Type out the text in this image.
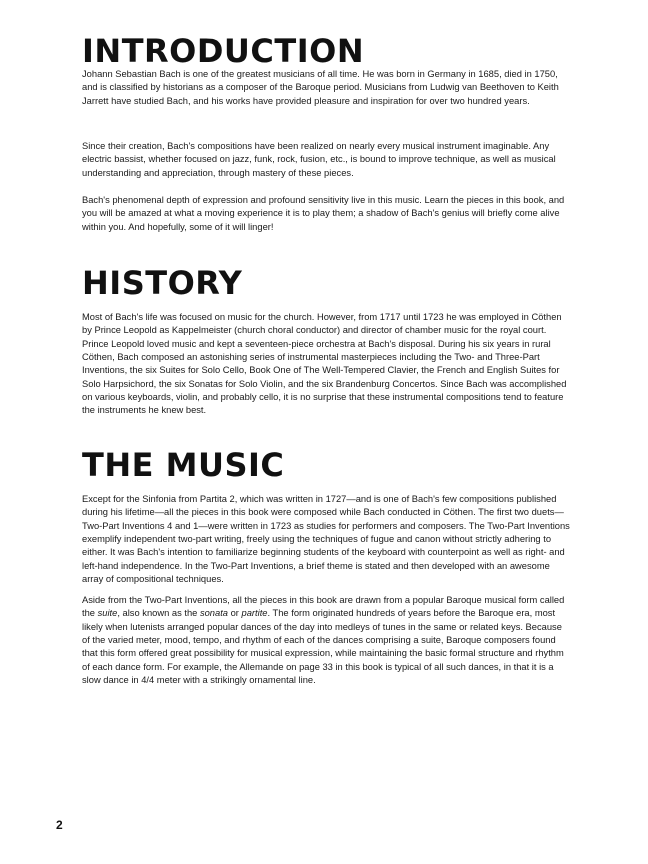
INTRODUCTION

Johann Sebastian Bach is one of the greatest musicians of all time. He was born in Germany in 1685, died in 1750, and is classified by historians as a composer of the Baroque period. Musicians from Ludwig van Beethoven to Keith Jarrett have studied Bach, and his works have provided pleasure and inspiration for over two hundred years.

Since their creation, Bach's compositions have been realized on nearly every musical instrument imaginable. Any electric bassist, whether focused on jazz, funk, rock, fusion, etc., is bound to improve technique, as well as musical understanding and appreciation, through mastery of these pieces.

Bach's phenomenal depth of expression and profound sensitivity live in this music. Learn the pieces in this book, and you will be amazed at what a moving experience it is to play them; a shadow of Bach's genius will briefly come alive within you. And hopefully, some of it will linger!

HISTORY

Most of Bach's life was focused on music for the church. However, from 1717 until 1723 he was employed in Cöthen by Prince Leopold as Kappelmeister (church choral conductor) and director of chamber music for the royal court. Prince Leopold loved music and kept a seventeen-piece orchestra at Bach's disposal. During his six years in rural Cöthen, Bach composed an astonishing series of instrumental masterpieces including the Two- and Three-Part Inventions, the six Suites for Solo Cello, Book One of The Well-Tempered Clavier, the French and English Suites for Solo Harpsichord, the six Sonatas for Solo Violin, and the six Brandenburg Concertos. Since Bach was accomplished on various keyboards, violin, and probably cello, it is no surprise that these instrumental compositions tend to feature the instruments he knew best.

THE MUSIC

Except for the Sinfonia from Partita 2, which was written in 1727—and is one of Bach's few compositions published during his lifetime—all the pieces in this book were composed while Bach conducted in Cöthen. The first two duets—Two-Part Inventions 4 and 1—were written in 1723 as studies for performers and composers. The Two-Part Inventions exemplify independent two-part writing, freely using the techniques of fugue and canon without strictly adhering to either. It was Bach's intention to familiarize beginning students of the keyboard with counterpoint as well as right- and left-hand independence. In the Two-Part Inventions, a brief theme is stated and then developed with an awesome array of compositional techniques.

Aside from the Two-Part Inventions, all the pieces in this book are drawn from a popular Baroque musical form called the suite, also known as the sonata or partite. The form originated hundreds of years before the Baroque era, most likely when lutenists arranged popular dances of the day into medleys of tunes in the same or related keys. Because of the varied meter, mood, tempo, and rhythm of each of the dances comprising a suite, Baroque composers found that this form offered great possibility for musical expression, while maintaining the basic formal structure and rhythm of each dance form. For example, the Allemande on page 33 in this book is typical of all such dances, in that it is a slow dance in 4/4 meter with a strikingly ornamental line.

2
